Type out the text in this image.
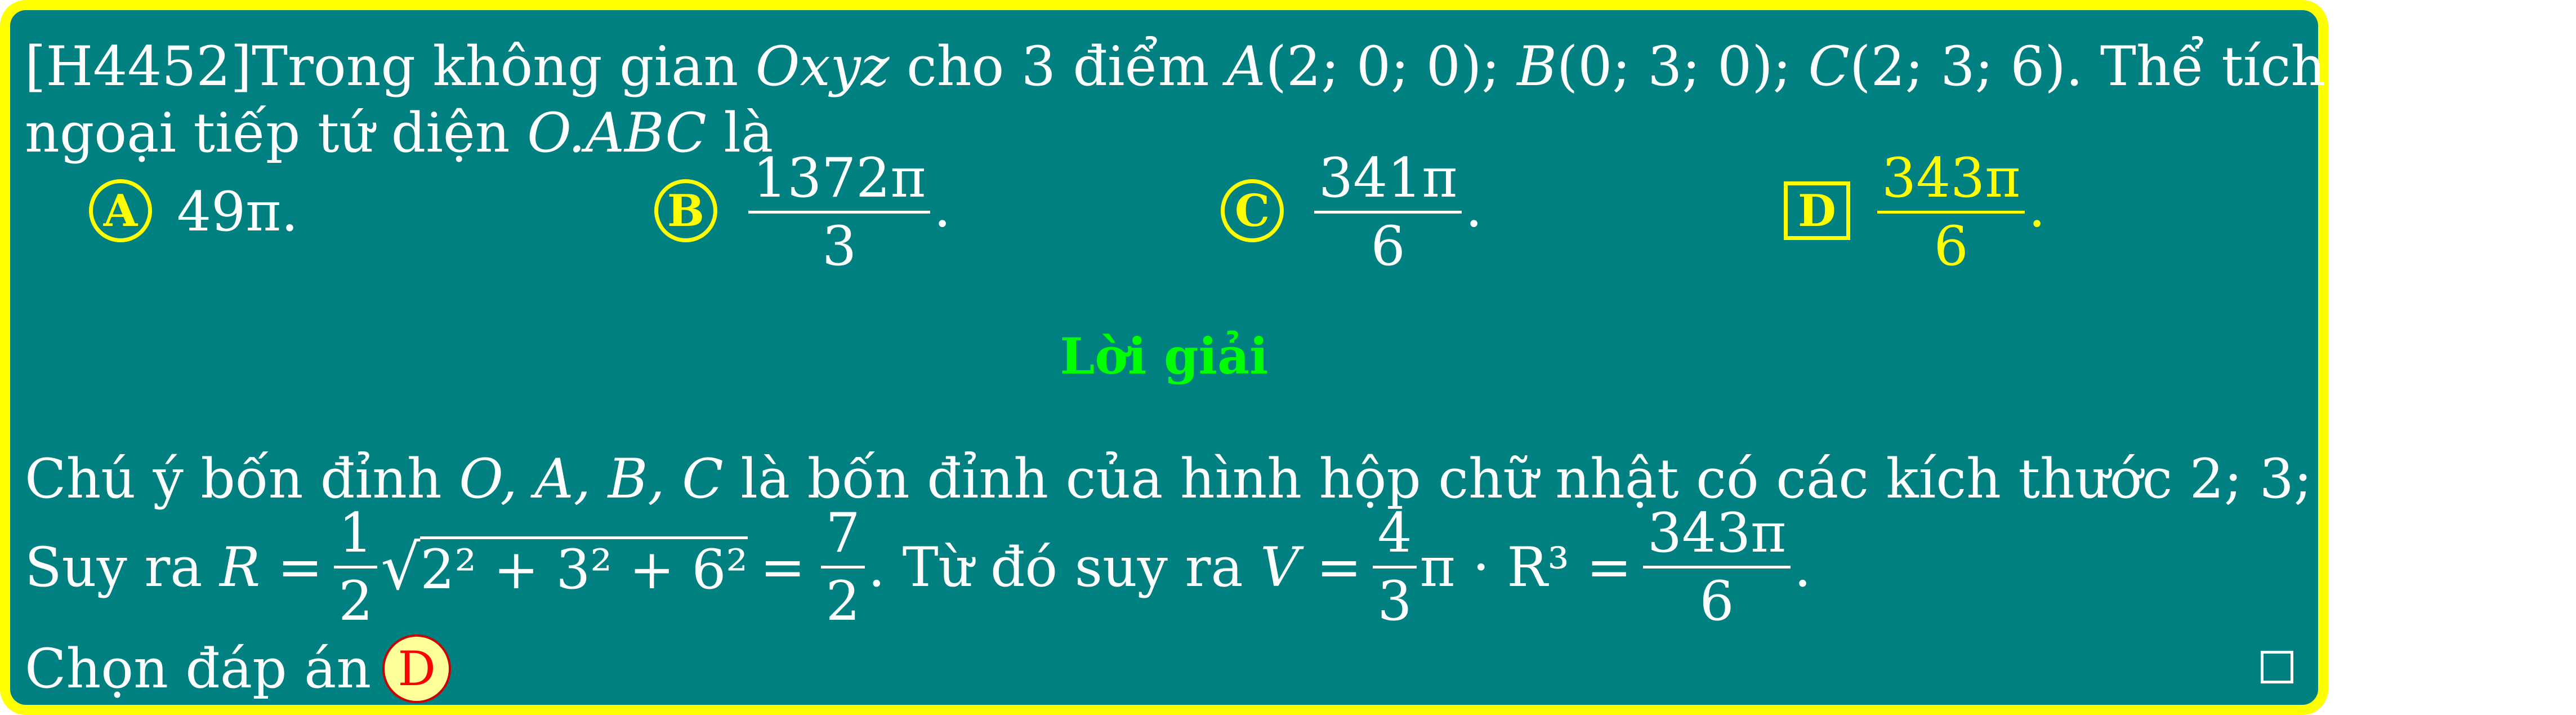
[H4452]Trong không gian Oxyz cho 3 điểm A(2; 0; 0); B(0; 3; 0); C(2; 3; 6). Thể tích khối cầu
ngoại tiếp tứ diện O.ABC là
A 49π.	B $\frac{1372\pi}{3}$ .	C $\frac{341\pi}{6}$ .	D $\frac{343\pi}{6}$ .
Lời giải
Chú ý bốn đỉnh O, A, B, C là bốn đỉnh của hình hộp chữ nhật có các kích thước 2; 3; 6.
Suy ra $R = \frac{1}{2}$ √ $2^2 + 3^2 + 6^2 = \frac{7}{2}$ . Từ đó suy ra $V = \frac{4}{3}$ $\pi \cdot R^3 = \frac{343\pi}{6}$ .
Chọn đáp án D
